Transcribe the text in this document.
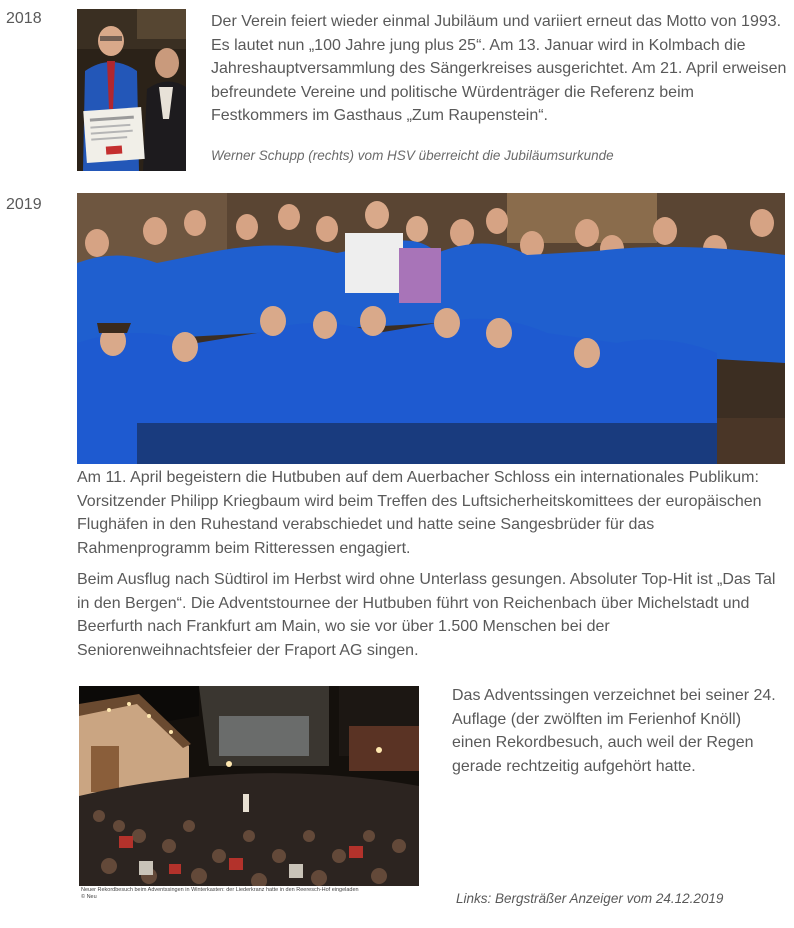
2018	Der Verein feiert wieder einmal Jubiläum und variiert erneut das Motto von 1993. Es lautet nun „100 Jahre jung plus 25“. Am 13. Januar wird in Kolmbach die Jahreshauptversammlung des Sängerkreises ausgerichtet. Am 21. April erweisen befreundete Vereine und politische Würdenträger die Referenz beim Festkommers im Gasthaus „Zum Raupenstein“.
Werner Schupp (rechts) vom HSV überreicht die Jubiläumsurkunde
2019
Am 11. April begeistern die Hutbuben auf dem Auerbacher Schloss ein internationales Publikum: Vorsitzender Philipp Kriegbaum wird beim Treffen des Luftsicherheitskomittees der europäischen Flughäfen in den Ruhestand verabschiedet und hatte seine Sangesbrüder für das Rahmenprogramm beim Ritteressen engagiert.
Beim Ausflug nach Südtirol im Herbst wird ohne Unterlass gesungen. Absoluter Top-Hit ist „Das Tal in den Bergen“. Die Adventstournee der Hutbuben führt von Reichenbach über Michelstadt und Beerfurth nach Frankfurt am Main, wo sie vor über 1.500 Menschen bei der Seniorenweihnachtsfeier der Fraport AG singen.
Neuer Rekordbesuch beim Adventssingen in Winterkasten: der Liederkranz hatte in den Reeresch-Hof eingeladen
© Neu
Das Adventssingen verzeichnet bei seiner 24. Auflage (der zwölften im Ferienhof Knöll) einen Rekordbesuch, auch weil der Regen gerade rechtzeitig aufgehört hatte.
Links: Bergsträßer Anzeiger vom 24.12.2019
